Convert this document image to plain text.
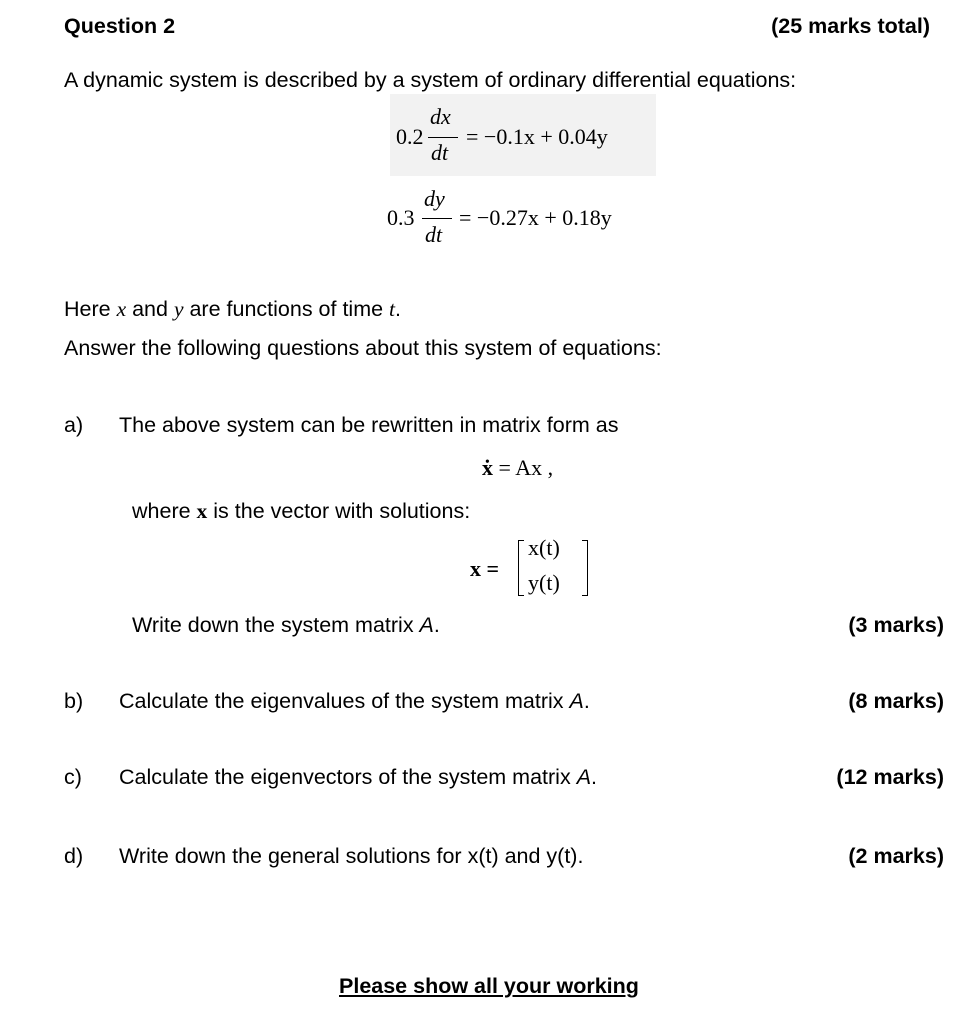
Question 2	(25 marks total)
A dynamic system is described by a system of ordinary differential equations:
0.2
dx
dt
= −0.1x + 0.04y
0.3
dy
dt
= −0.27x + 0.18y
Here x and y are functions of time t.
Answer the following questions about this system of equations:
a) The above system can be rewritten in matrix form as
ẋ = Ax ,
where x is the vector with solutions:
x =
x(t)
y(t)
Write down the system matrix A.	(3 marks)
b) Calculate the eigenvalues of the system matrix A.	(8 marks)
c) Calculate the eigenvectors of the system matrix A.	(12 marks)
d) Write down the general solutions for x(t) and y(t).	(2 marks)
Please show all your working
